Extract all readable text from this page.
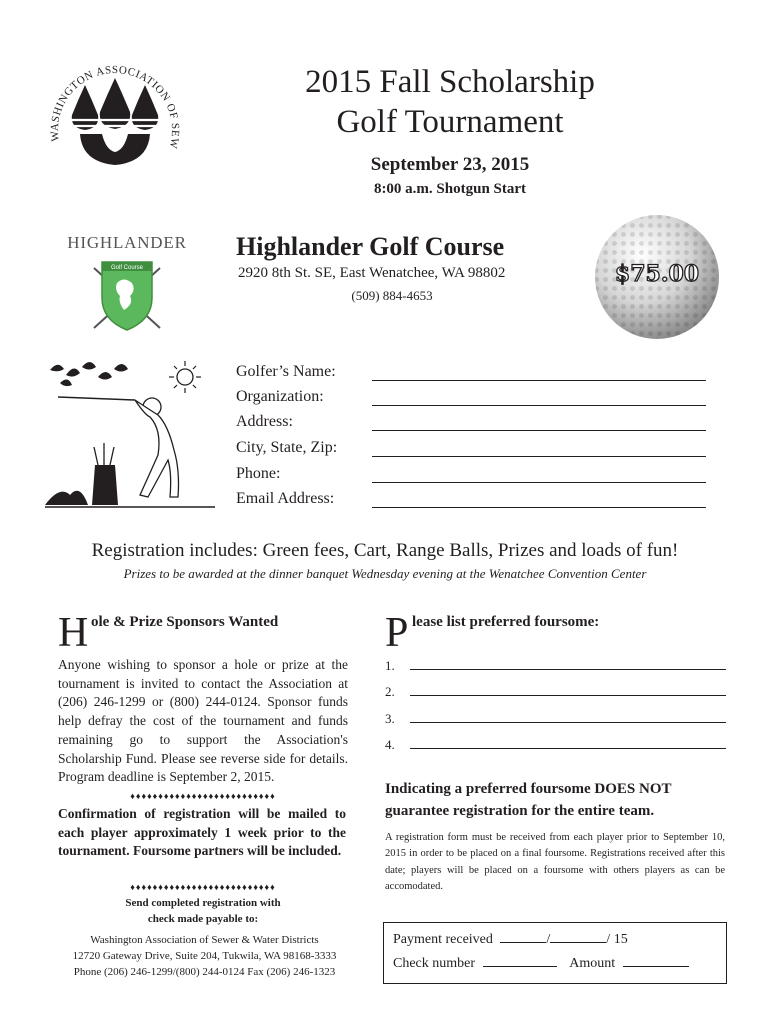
WASHINGTON ASSOCIATION OF SEW
2015 Fall Scholarship
Golf Tournament
September 23, 2015
8:00 a.m. Shotgun Start
HIGHLANDER
Golf Course
Highlander Golf Course
2920 8th St. SE, East Wenatchee, WA 98802
(509) 884-4653
$75.00
Golfer’s Name:
Organization:
Address:
City, State, Zip:
Phone:
Email Address:
Registration includes: Green fees, Cart, Range Balls, Prizes and loads of fun!
Prizes to be awarded at the dinner banquet Wednesday evening at the Wenatchee Convention Center
H ole & Prize Sponsors Wanted
Anyone wishing to sponsor a hole or prize at the tournament is invited to contact the Association at (206) 246-1299 or (800) 244-0124. Sponsor funds help defray the cost of the tournament and funds remaining go to support the Association's Scholarship Fund. Please see reverse side for details. Program deadline is September 2, 2015.
♦♦♦♦♦♦♦♦♦♦♦♦♦♦♦♦♦♦♦♦♦♦♦♦♦♦
Confirmation of registration will be mailed to each player approximately 1 week prior to the tournament. Foursome partners will be included.
♦♦♦♦♦♦♦♦♦♦♦♦♦♦♦♦♦♦♦♦♦♦♦♦♦♦
Send completed registration with
check made payable to:
Washington Association of Sewer & Water Districts
12720 Gateway Drive, Suite 204, Tukwila, WA 98168-3333
Phone (206) 246-1299/(800) 244-0124 Fax (206) 246-1323
P lease list preferred foursome:
1.
2.
3.
4.
Indicating a preferred foursome DOES NOT guarantee registration for the entire team.
A registration form must be received from each player prior to September 10, 2015 in order to be placed on a final foursome. Registrations received after this date; players will be placed on a foursome with others players as can be accomodated.
Payment received	/	/ 15
Check number	Amount
